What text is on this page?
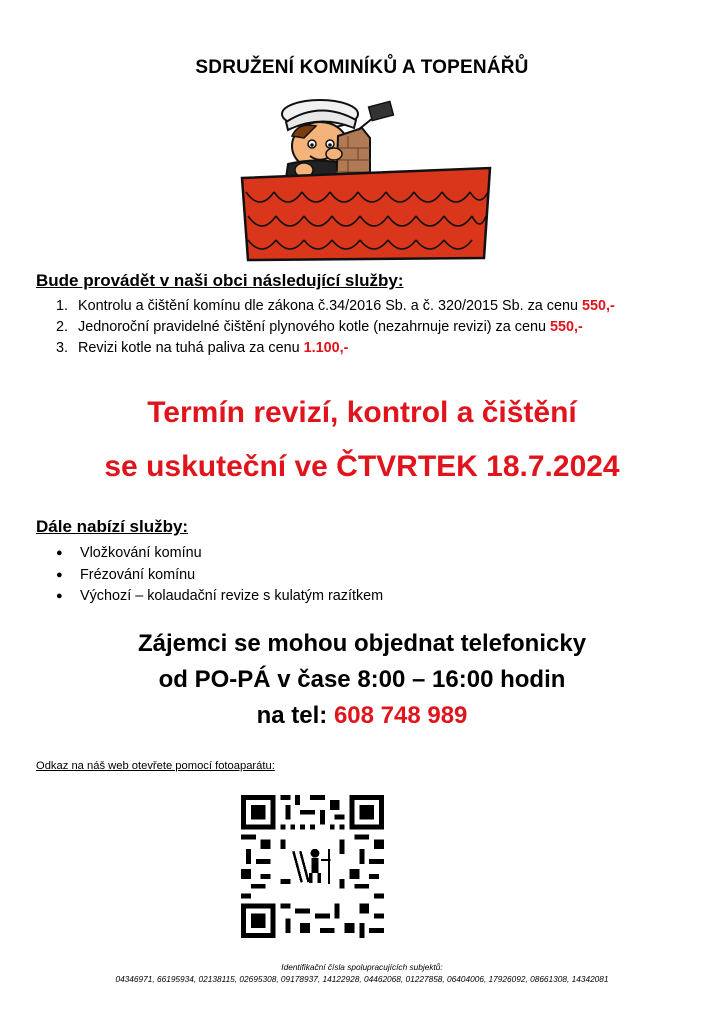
SDRUŽENÍ KOMINÍKŮ A TOPENÁŘŮ
Bude provádět v naši obci následující služby:
1. Kontrolu a čištění komínu dle zákona č.34/2016 Sb. a č. 320/2015 Sb. za cenu 550,-
2. Jednoroční pravidelné čištění plynového kotle (nezahrnuje revizi) za cenu 550,-
3. Revizi kotle na tuhá paliva za cenu 1.100,-
Termín revizí, kontrol a čištění
se uskuteční ve ČTVRTEK 18.7.2024
Dále nabízí služby:
● Vložkování komínu
● Frézování komínu
● Výchozí – kolaudační revize s kulatým razítkem
Zájemci se mohou objednat telefonicky
od PO-PÁ v čase 8:00 – 16:00 hodin
na tel: 608 748 989
Odkaz na náš web otevřete pomocí fotoaparátu:
Identifikační čísla spolupracujících subjektů:
04346971, 66195934, 02138115, 02695308, 09178937, 14122928, 04462068, 01227858, 06404006, 17926092, 08661308, 14342081
